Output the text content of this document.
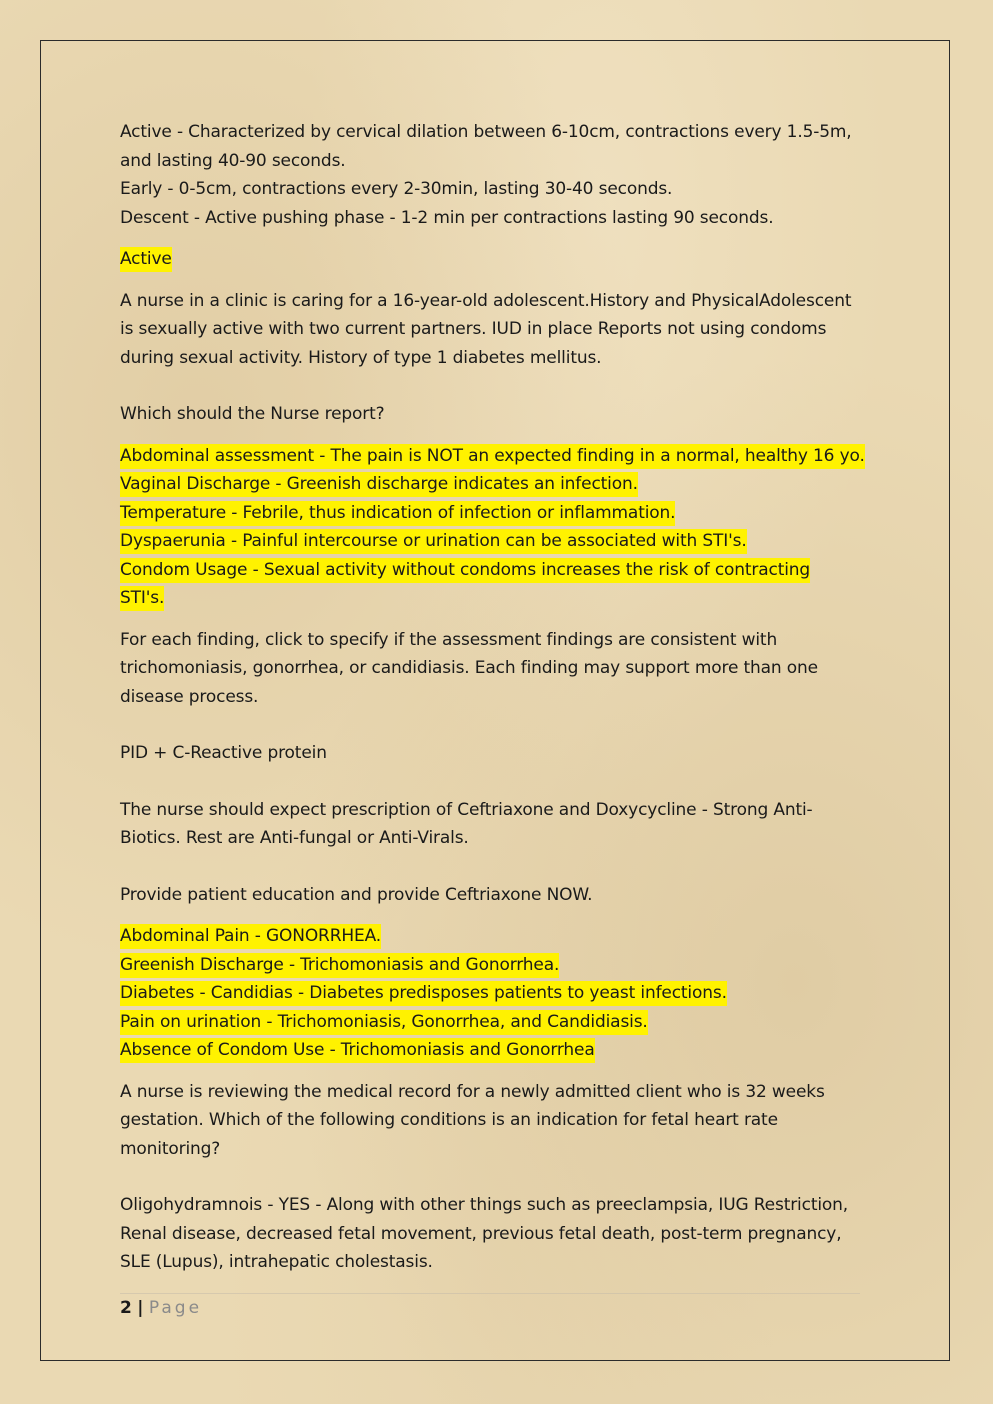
Active - Characterized by cervical dilation between 6-10cm, contractions every 1.5-5m,
and lasting 40-90 seconds.
Early - 0-5cm, contractions every 2-30min, lasting 30-40 seconds.
Descent - Active pushing phase - 1-2 min per contractions lasting 90 seconds.
Active
A nurse in a clinic is caring for a 16-year-old adolescent.History and PhysicalAdolescent
is sexually active with two current partners. IUD in place Reports not using condoms
during sexual activity. History of type 1 diabetes mellitus.
Which should the Nurse report?
Abdominal assessment - The pain is NOT an expected finding in a normal, healthy 16 yo.
Vaginal Discharge - Greenish discharge indicates an infection.
Temperature - Febrile, thus indication of infection or inflammation.
Dyspaerunia - Painful intercourse or urination can be associated with STI's.
Condom Usage - Sexual activity without condoms increases the risk of contracting
STI's.
For each finding, click to specify if the assessment findings are consistent with
trichomoniasis, gonorrhea, or candidiasis. Each finding may support more than one
disease process.
PID + C-Reactive protein
The nurse should expect prescription of Ceftriaxone and Doxycycline - Strong Anti-
Biotics. Rest are Anti-fungal or Anti-Virals.
Provide patient education and provide Ceftriaxone NOW.
Abdominal Pain - GONORRHEA.
Greenish Discharge - Trichomoniasis and Gonorrhea.
Diabetes - Candidias - Diabetes predisposes patients to yeast infections.
Pain on urination - Trichomoniasis, Gonorrhea, and Candidiasis.
Absence of Condom Use - Trichomoniasis and Gonorrhea
A nurse is reviewing the medical record for a newly admitted client who is 32 weeks
gestation. Which of the following conditions is an indication for fetal heart rate
monitoring?
Oligohydramnois - YES - Along with other things such as preeclampsia, IUG Restriction,
Renal disease, decreased fetal movement, previous fetal death, post-term pregnancy,
SLE (Lupus), intrahepatic cholestasis.
2 | Page
